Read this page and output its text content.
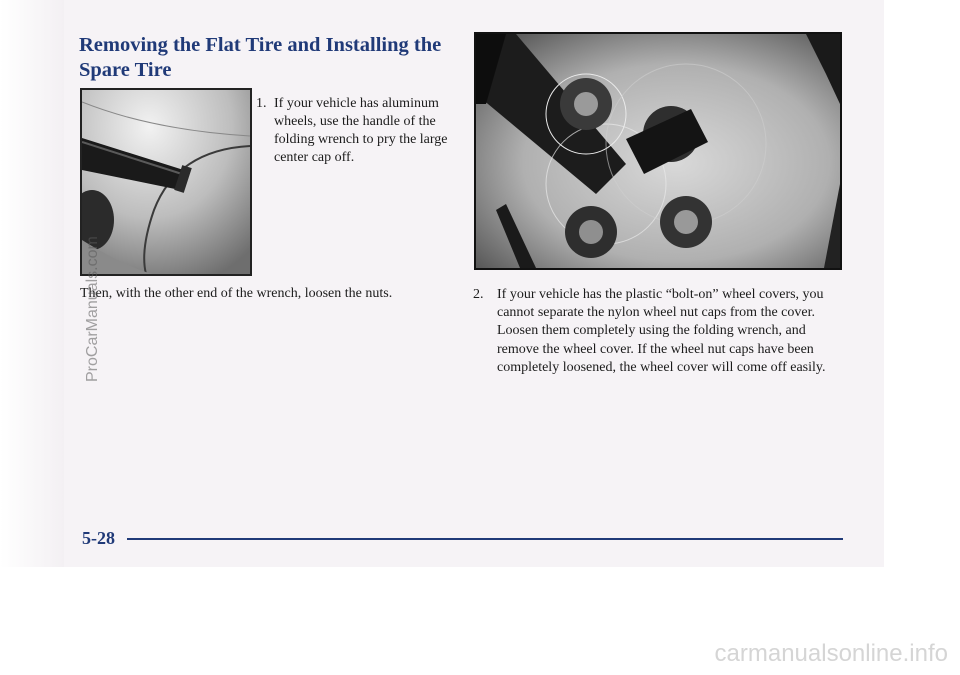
Removing the Flat Tire and Installing the Spare Tire
1. If your vehicle has aluminum wheels, use the handle of the folding wrench to pry the large center cap off.

Then, with the other end of the wrench, loosen the nuts.	2. If your vehicle has the plastic “bolt-on” wheel covers, you cannot separate the nylon wheel nut caps from the cover. Loosen them completely using the folding wrench, and remove the wheel cover. If the wheel nut caps have been completely loosened, the wheel cover will come off easily.

5-28

ProCarManuals.com
carmanualsonline.info
